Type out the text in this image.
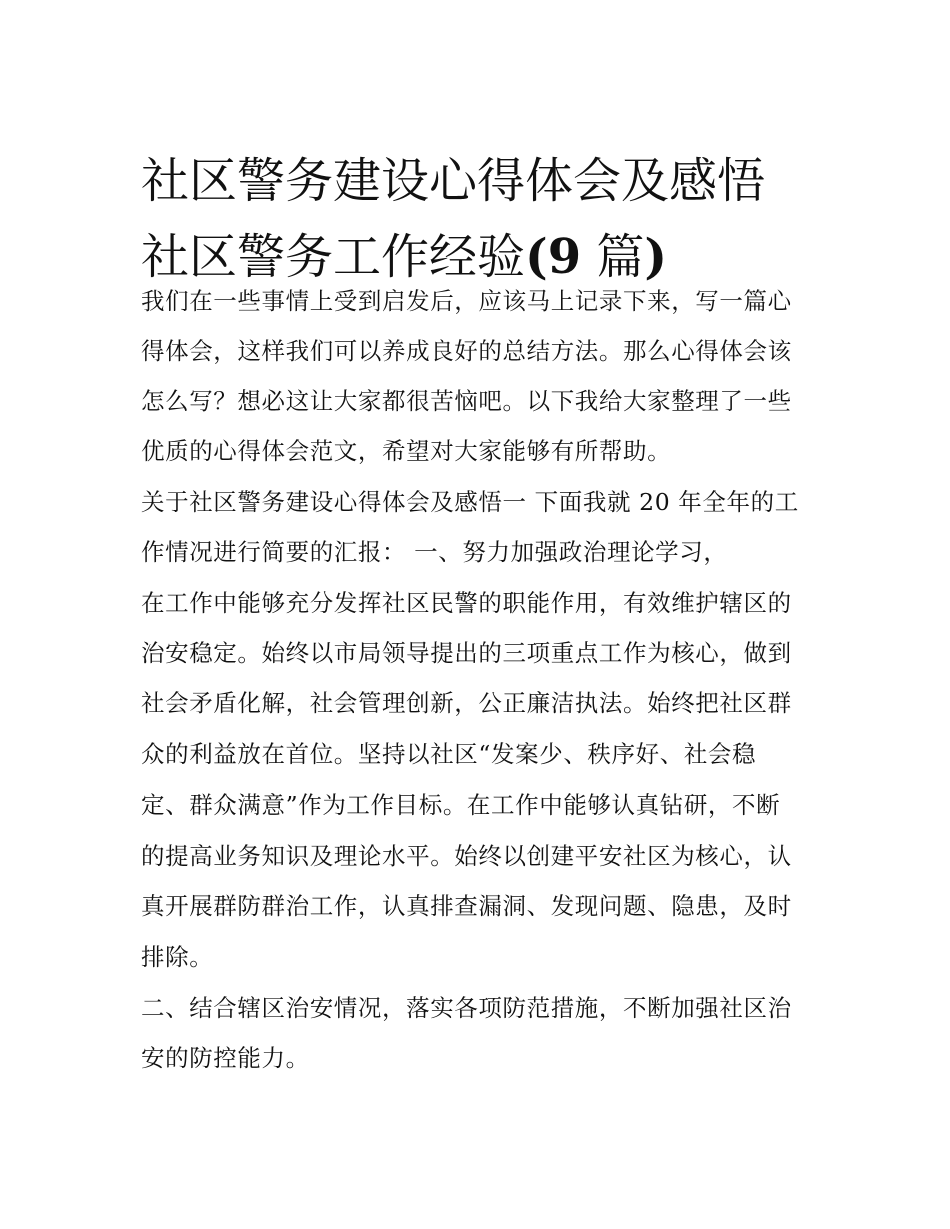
社区警务建设心得体会及感悟
社区警务工作经验(9 篇)
我们在一些事情上受到启发后，应该马上记录下来，写一篇心
得体会，这样我们可以养成良好的总结方法。那么心得体会该
怎么写？想必这让大家都很苦恼吧。以下我给大家整理了一些
优质的心得体会范文，希望对大家能够有所帮助。
关于社区警务建设心得体会及感悟一 下面我就 20 年全年的工
作情况进行简要的汇报： 一、努力加强政治理论学习，
在工作中能够充分发挥社区民警的职能作用，有效维护辖区的
治安稳定。始终以市局领导提出的三项重点工作为核心，做到
社会矛盾化解，社会管理创新，公正廉洁执法。始终把社区群
众的利益放在首位。坚持以社区“发案少、秩序好、社会稳
定、群众满意”作为工作目标。在工作中能够认真钻研，不断
的提高业务知识及理论水平。始终以创建平安社区为核心，认
真开展群防群治工作，认真排查漏洞、发现问题、隐患，及时
排除。
二、结合辖区治安情况，落实各项防范措施，不断加强社区治
安的防控能力。
